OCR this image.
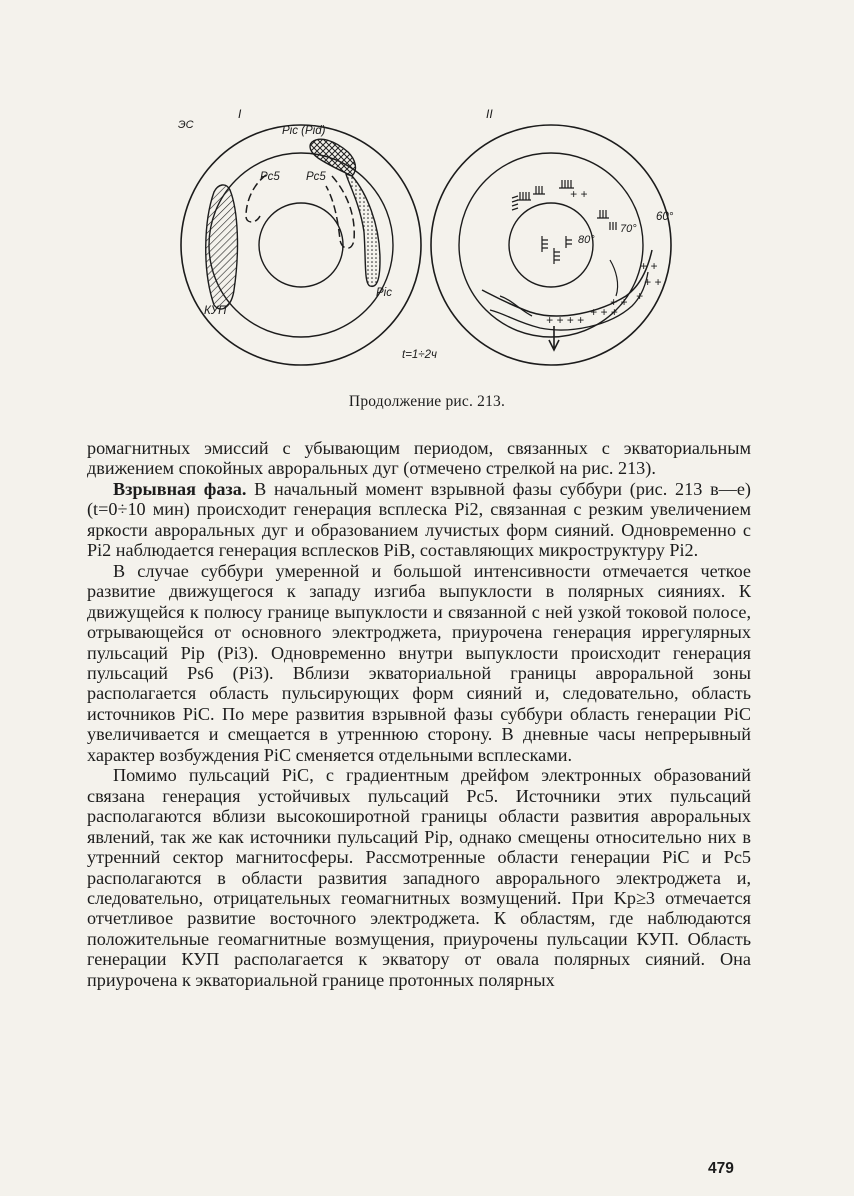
I
ЭС	Pic (Pid)
Pc5 Pc5
Pic
КУП
t=1÷2ч
+ +
+ +
+ +
+
+ +
+ + +
+ + + +
II
60°
70°
80°
Продолжение рис. 213.

ромагнитных эмиссий с убывающим периодом, связанных с экваториальным движением спокойных авроральных дуг (отмечено стрелкой на рис. 213).

Взрывная фаза. В начальный момент взрывной фазы суббури (рис. 213 в—е) (t=0÷10 мин) происходит генерация всплеска Pi2, связанная с резким увеличением яркости авроральных дуг и образованием лучистых форм сияний. Одновременно с Pi2 наблюдается генерация всплесков PiB, составляющих микроструктуру Pi2.

В случае суббури умеренной и большой интенсивности отмечается четкое развитие движущегося к западу изгиба выпуклости в полярных сияниях. К движущейся к полюсу границе выпуклости и связанной с ней узкой токовой полосе, отрывающейся от основного электроджета, приурочена генерация иррегулярных пульсаций Pip (Pi3). Одновременно внутри выпуклости происходит генерация пульсаций Ps6 (Pi3). Вблизи экваториальной границы авроральной зоны располагается область пульсирующих форм сияний и, следовательно, область источников PiC. По мере развития взрывной фазы суббури область генерации PiC увеличивается и смещается в утреннюю сторону. В дневные часы непрерывный характер возбуждения PiC сменяется отдельными всплесками.

Помимо пульсаций PiC, с градиентным дрейфом электронных образований связана генерация устойчивых пульсаций Pc5. Источники этих пульсаций располагаются вблизи высокоширотной границы области развития авроральных явлений, так же как источники пульсаций Pip, однако смещены относительно них в утренний сектор магнитосферы. Рассмотренные области генерации PiC и Pc5 располагаются в области развития западного аврорального электроджета и, следовательно, отрицательных геомагнитных возмущений. При Kp≥3 отмечается отчетливое развитие восточного электроджета. К областям, где наблюдаются положительные геомагнитные возмущения, приурочены пульсации КУП. Область генерации КУП располагается к экватору от овала полярных сияний. Она приурочена к экваториальной границе протонных полярных

479
